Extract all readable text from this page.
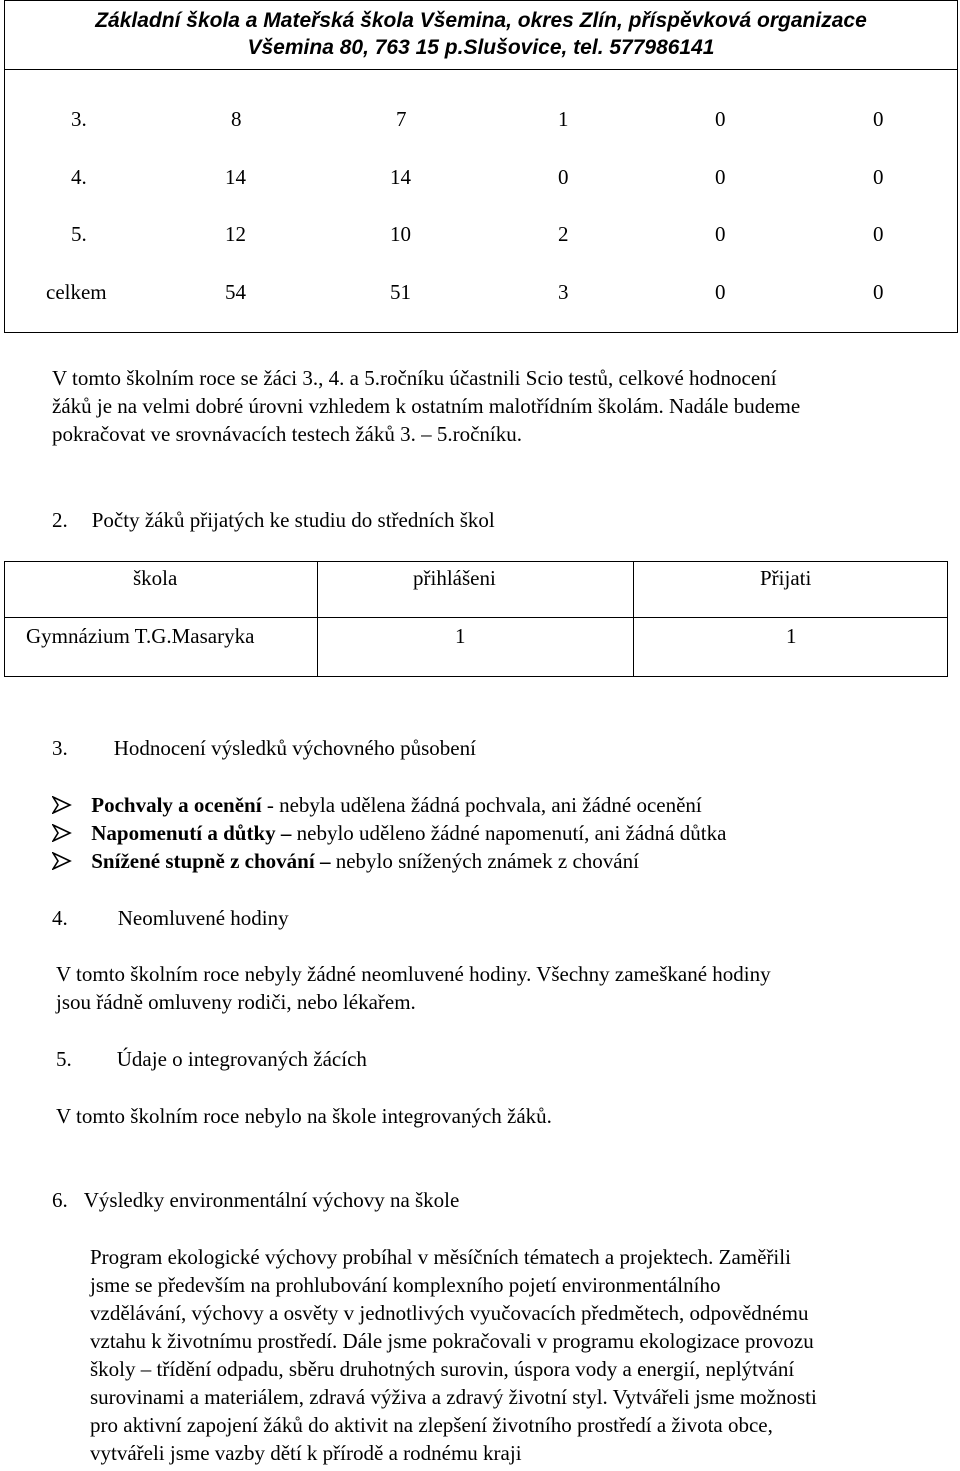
Základní škola a Mateřská škola Všemina, okres Zlín, příspěvková organizace
Všemina 80, 763 15 p.Slušovice, tel. 577986141
3.	8	7	1	0	0
4.	14	14	0	0	0
5.	12	10	2	0	0
celkem	54	51	3	0	0
V tomto školním roce se žáci 3., 4. a 5.ročníku účastnili Scio testů, celkové hodnocení
žáků je na velmi dobré úrovni vzhledem k ostatním malotřídním školám. Nadále budeme
pokračovat ve srovnávacích testech žáků 3. – 5.ročníku.
2. Počty žáků přijatých ke studiu do středních škol
škola	přihlášeni	Přijati
Gymnázium T.G.Masaryka	1	1
3. Hodnocení výsledků výchovného působení
Pochvaly a ocenění - nebyla udělena žádná pochvala, ani žádné ocenění
Napomenutí a důtky – nebylo uděleno žádné napomenutí, ani žádná důtka
Snížené stupně z chování – nebylo snížených známek z chování
4. Neomluvené hodiny
V tomto školním roce nebyly žádné neomluvené hodiny. Všechny zameškané hodiny
jsou řádně omluveny rodiči, nebo lékařem.
5. Údaje o integrovaných žácích
V tomto školním roce nebylo na škole integrovaných žáků.
6. Výsledky environmentální výchovy na škole
Program ekologické výchovy probíhal v měsíčních tématech a projektech. Zaměřili
jsme se především na prohlubování komplexního pojetí environmentálního
vzdělávání, výchovy a osvěty v jednotlivých vyučovacích předmětech, odpovědnému
vztahu k životnímu prostředí. Dále jsme pokračovali v programu ekologizace provozu
školy – třídění odpadu, sběru druhotných surovin, úspora vody a energií, neplýtvání
surovinami a materiálem, zdravá výživa a zdravý životní styl. Vytvářeli jsme možnosti
pro aktivní zapojení žáků do aktivit na zlepšení životního prostředí a života obce,
vytvářeli jsme vazby dětí k přírodě a rodnému kraji
